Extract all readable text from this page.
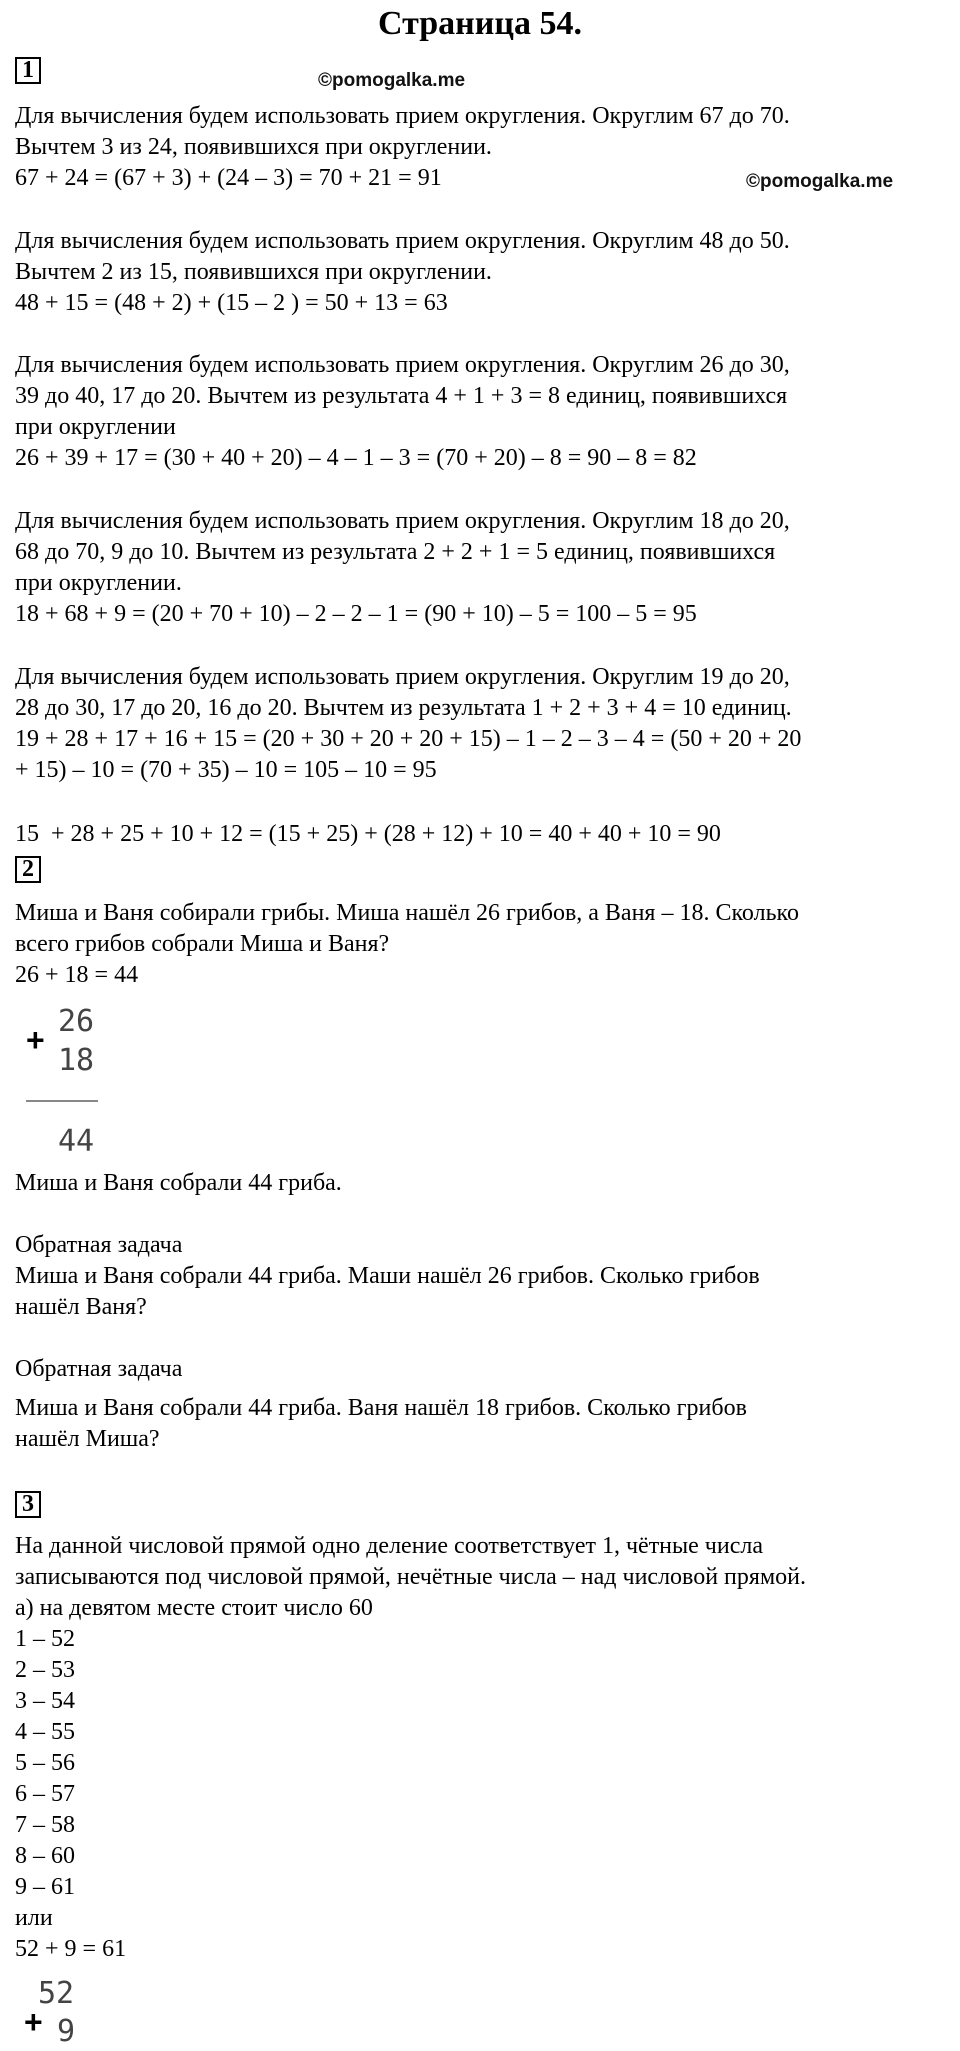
Страница 54.
©pomogalka.me
©pomogalka.me
1
Для вычисления будем использовать прием округления. Округлим 67 до 70.
Вычтем 3 из 24, появившихся при округлении.
67 + 24 = (67 + 3) + (24 – 3) = 70 + 21 = 91
Для вычисления будем использовать прием округления. Округлим 48 до 50.
Вычтем 2 из 15, появившихся при округлении.
48 + 15 = (48 + 2) + (15 – 2 ) = 50 + 13 = 63
Для вычисления будем использовать прием округления. Округлим 26 до 30,
39 до 40, 17 до 20. Вычтем из результата 4 + 1 + 3 = 8 единиц, появившихся
при округлении
26 + 39 + 17 = (30 + 40 + 20) – 4 – 1 – 3 = (70 + 20) – 8 = 90 – 8 = 82
Для вычисления будем использовать прием округления. Округлим 18 до 20,
68 до 70, 9 до 10. Вычтем из результата 2 + 2 + 1 = 5 единиц, появившихся
при округлении.
18 + 68 + 9 = (20 + 70 + 10) – 2 – 2 – 1 = (90 + 10) – 5 = 100 – 5 = 95
Для вычисления будем использовать прием округления. Округлим 19 до 20,
28 до 30, 17 до 20, 16 до 20. Вычтем из результата 1 + 2 + 3 + 4 = 10 единиц.
19 + 28 + 17 + 16 + 15 = (20 + 30 + 20 + 20 + 15) – 1 – 2 – 3 – 4 = (50 + 20 + 20
+ 15) – 10 = (70 + 35) – 10 = 105 – 10 = 95
15  + 28 + 25 + 10 + 12 = (15 + 25) + (28 + 12) + 10 = 40 + 40 + 10 = 90
2
Миша и Ваня собирали грибы. Миша нашёл 26 грибов, а Ваня – 18. Сколько
всего грибов собрали Миша и Ваня?
26 + 18 = 44
+
26
18
44
Миша и Ваня собрали 44 гриба.
Обратная задача
Миша и Ваня собрали 44 гриба. Маши нашёл 26 грибов. Сколько грибов
нашёл Ваня?
Обратная задача
Миша и Ваня собрали 44 гриба. Ваня нашёл 18 грибов. Сколько грибов
нашёл Миша?
3
На данной числовой прямой одно деление соответствует 1, чётные числа
записываются под числовой прямой, нечётные числа – над числовой прямой.
а) на девятом месте стоит число 60
1 – 52
2 – 53
3 – 54
4 – 55
5 – 56
6 – 57
7 – 58
8 – 60
9 – 61
или
52 + 9 = 61
+
52
9
